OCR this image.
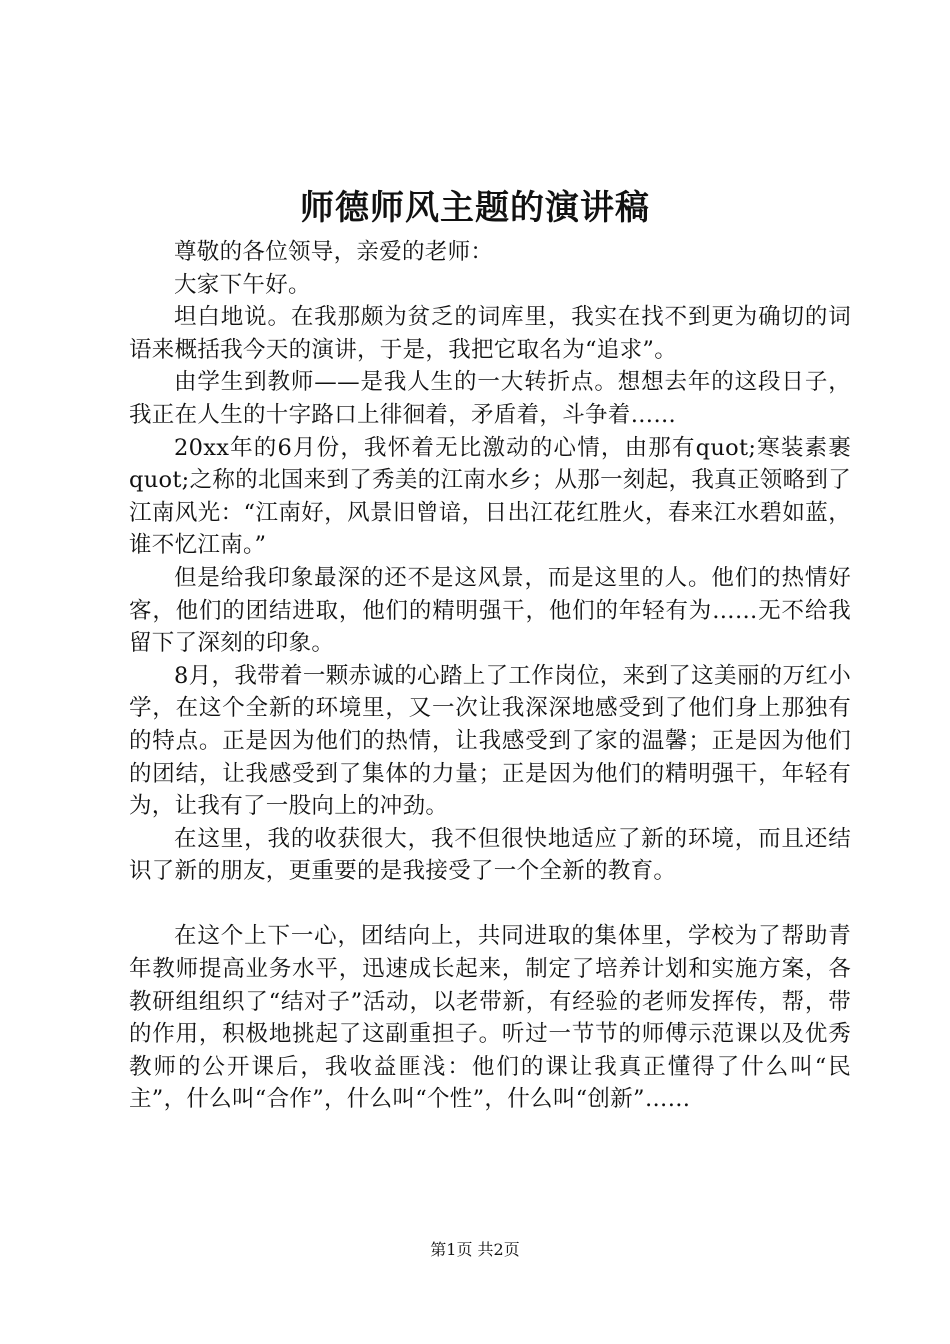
师德师风主题的演讲稿

尊敬的各位领导，亲爱的老师：

大家下午好。

坦白地说。在我那颇为贫乏的词库里，我实在找不到更为确切的词语来概括我今天的演讲，于是，我把它取名为“追求”。

由学生到教师——是我人生的一大转折点。想想去年的这段日子，我正在人生的十字路口上徘徊着，矛盾着，斗争着……

20xx年的6月份，我怀着无比激动的心情，由那有quot;寒装素裹quot;之称的北国来到了秀美的江南水乡；从那一刻起，我真正领略到了江南风光：“江南好，风景旧曾谙，日出江花红胜火，春来江水碧如蓝，谁不忆江南。”

但是给我印象最深的还不是这风景，而是这里的人。他们的热情好客，他们的团结进取，他们的精明强干，他们的年轻有为……无不给我留下了深刻的印象。

8月，我带着一颗赤诚的心踏上了工作岗位，来到了这美丽的万红小学，在这个全新的环境里，又一次让我深深地感受到了他们身上那独有的特点。正是因为他们的热情，让我感受到了家的温馨；正是因为他们的团结，让我感受到了集体的力量；正是因为他们的精明强干，年轻有为，让我有了一股向上的冲劲。

在这里，我的收获很大，我不但很快地适应了新的环境，而且还结识了新的朋友，更重要的是我接受了一个全新的教育。

在这个上下一心，团结向上，共同进取的集体里，学校为了帮助青年教师提高业务水平，迅速成长起来，制定了培养计划和实施方案，各教研组组织了“结对子”活动，以老带新，有经验的老师发挥传，帮，带的作用，积极地挑起了这副重担子。听过一节节的师傅示范课以及优秀教师的公开课后，我收益匪浅：他们的课让我真正懂得了什么叫“民主”，什么叫“合作”，什么叫“个性”，什么叫“创新”……

第1页 共2页
